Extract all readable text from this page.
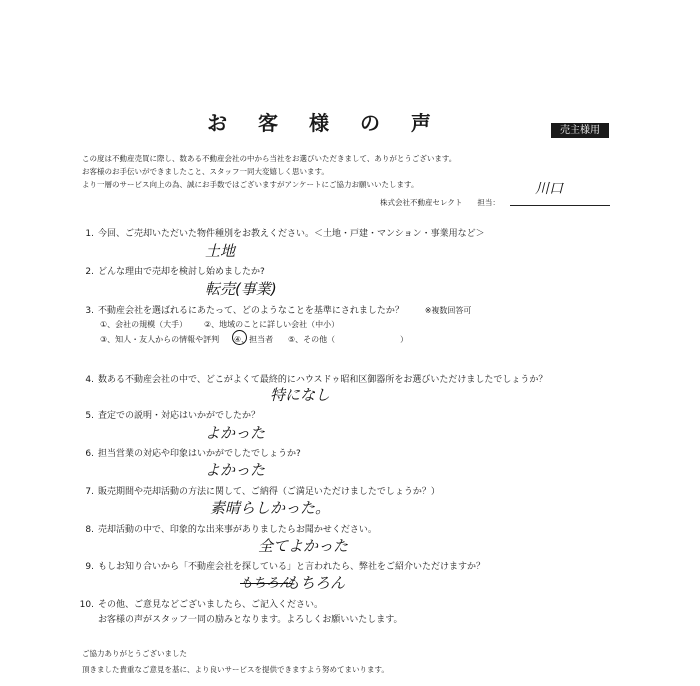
お 客 様 の 声	売主様用
この度は不動産売買に際し、数ある不動産会社の中から当社をお選びいただきまして、ありがとうございます。
お客様のお手伝いができましたこと、スタッフ一同大変嬉しく思います。
より一層のサービス向上の為、誠にお手数ではございますがアンケートにご協力お願いいたします。
株式会社不動産セレクト　　担当：
川口
1. 今回、ご売却いただいた物件種別をお教えください。＜土地・戸建・マンション・事業用など＞
土地
2. どんな理由で売却を検討し始めましたか?
転売(事業)
3. 不動産会社を選ばれるにあたって、どのようなことを基準にされましたか？	※複数回答可
①、会社の規模（大手） ②、地域のことに詳しい会社（中小）
③、知人・友人からの情報や評判 ④、担当者 ⑤、その他（	）
4. 数ある不動産会社の中で、どこがよくて最終的にハウスドゥ昭和区御器所をお選びいただけましたでしょうか？
特になし
5. 査定での説明・対応はいかがでしたか？
よかった
6. 担当営業の対応や印象はいかがでしたでしょうか?
よかった
7. 販売期間や売却活動の方法に関して、ご納得（ご満足いただけましたでしょうか？）
素晴らしかった。
8. 売却活動の中で、印象的な出来事がありましたらお聞かせください。
全てよかった
9. もしお知り合いから「不動産会社を探している」と言われたら、弊社をご紹介いただけますか？
もちろん
もちろん
10. その他、ご意見などございましたら、ご記入ください。
お客様の声がスタッフ一同の励みとなります。よろしくお願いいたします。
ご協力ありがとうございました
頂きました貴重なご意見を基に、より良いサービスを提供できますよう努めてまいります。
